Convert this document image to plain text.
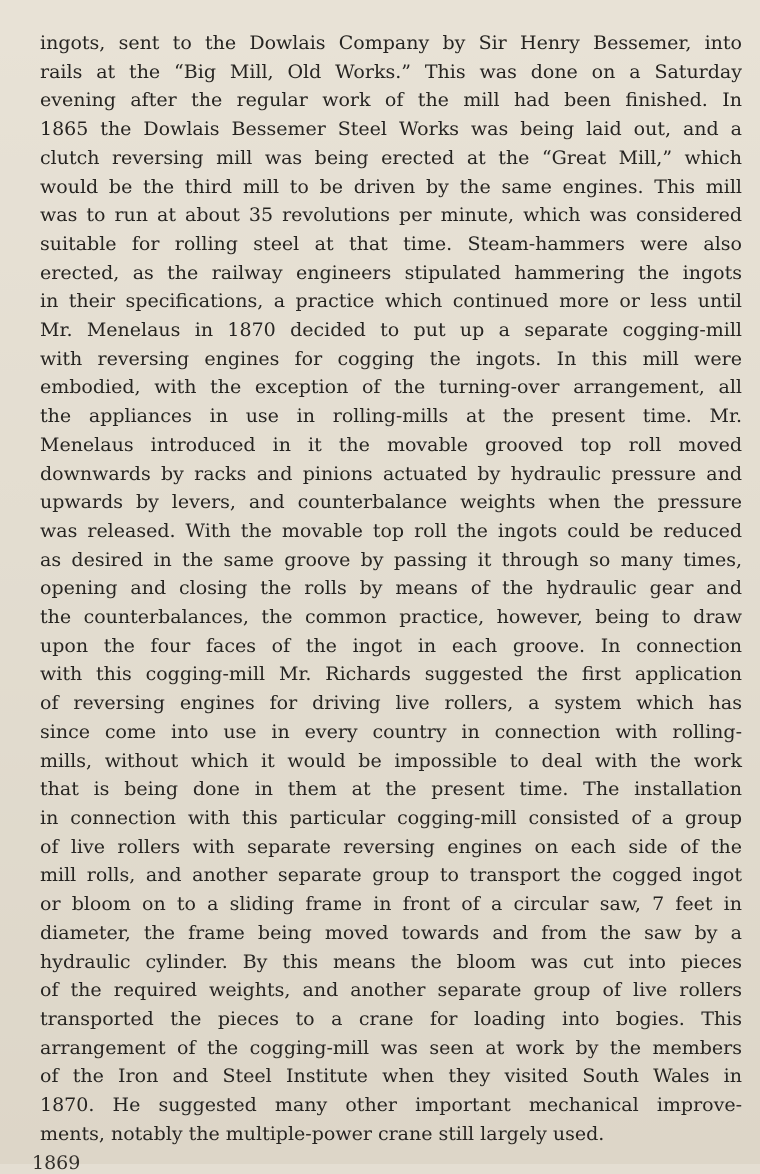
ingots, sent to the Dowlais Company by Sir Henry Bessemer, into
rails at the “Big Mill, Old Works.” This was done on a Saturday
evening after the regular work of the mill had been finished. In
1865 the Dowlais Bessemer Steel Works was being laid out, and a
clutch reversing mill was being erected at the “Great Mill,” which
would be the third mill to be driven by the same engines. This mill
was to run at about 35 revolutions per minute, which was considered
suitable for rolling steel at that time. Steam-hammers were also
erected, as the railway engineers stipulated hammering the ingots
in their specifications, a practice which continued more or less until
Mr. Menelaus in 1870 decided to put up a separate cogging-mill
with reversing engines for cogging the ingots. In this mill were
embodied, with the exception of the turning-over arrangement, all
the appliances in use in rolling-mills at the present time. Mr.
Menelaus introduced in it the movable grooved top roll moved
downwards by racks and pinions actuated by hydraulic pressure and
upwards by levers, and counterbalance weights when the pressure
was released. With the movable top roll the ingots could be reduced
as desired in the same groove by passing it through so many times,
opening and closing the rolls by means of the hydraulic gear and
the counterbalances, the common practice, however, being to draw
upon the four faces of the ingot in each groove. In connection
with this cogging-mill Mr. Richards suggested the first application
of reversing engines for driving live rollers, a system which has
since come into use in every country in connection with rolling-
mills, without which it would be impossible to deal with the work
that is being done in them at the present time. The installation
in connection with this particular cogging-mill consisted of a group
of live rollers with separate reversing engines on each side of the
mill rolls, and another separate group to transport the cogged ingot
or bloom on to a sliding frame in front of a circular saw, 7 feet in
diameter, the frame being moved towards and from the saw by a
hydraulic cylinder. By this means the bloom was cut into pieces
of the required weights, and another separate group of live rollers
transported the pieces to a crane for loading into bogies. This
arrangement of the cogging-mill was seen at work by the members
of the Iron and Steel Institute when they visited South Wales in
1870. He suggested many other important mechanical improve-
ments, notably the multiple-power crane still largely used.
1869
